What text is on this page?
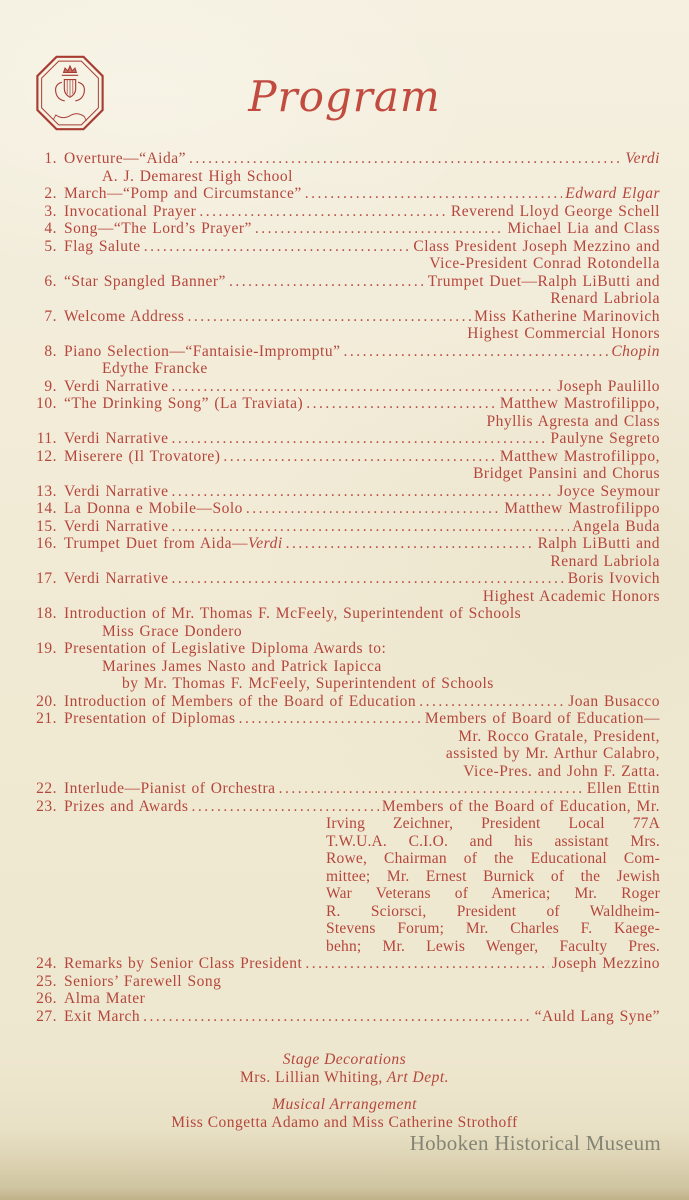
Program
1. Overture—“Aida” .....	Verdi
A. J. Demarest High School
2. March—“Pomp and Circumstance” .....	Edward Elgar
3. Invocational Prayer .....	Reverend Lloyd George Schell
4. Song—“The Lord’s Prayer” .....	Michael Lia and Class
5. Flag Salute .....	Class President Joseph Mezzino and
Vice-President Conrad Rotondella
6. “Star Spangled Banner” .....	Trumpet Duet—Ralph LiButti and
Renard Labriola
7. Welcome Address .....	Miss Katherine Marinovich
Highest Commercial Honors
8. Piano Selection—“Fantaisie-Impromptu” .....	Chopin
Edythe Francke
9. Verdi Narrative .....	Joseph Paulillo
10. “The Drinking Song” (La Traviata) .....	Matthew Mastrofilippo,
Phyllis Agresta and Class
11. Verdi Narrative .....	Paulyne Segreto
12. Miserere (Il Trovatore) .....	Matthew Mastrofilippo,
Bridget Pansini and Chorus
13. Verdi Narrative .....	Joyce Seymour
14. La Donna e Mobile—Solo .....	Matthew Mastrofilippo
15. Verdi Narrative .....	Angela Buda
16. Trumpet Duet from Aida—Verdi .....	Ralph LiButti and
Renard Labriola
17. Verdi Narrative .....	Boris Ivovich
Highest Academic Honors
18. Introduction of Mr. Thomas F. McFeely, Superintendent of Schools
Miss Grace Dondero
19. Presentation of Legislative Diploma Awards to:
Marines James Nasto and Patrick Iapicca
by Mr. Thomas F. McFeely, Superintendent of Schools
20. Introduction of Members of the Board of Education .....	Joan Busacco
21. Presentation of Diplomas .....	Members of Board of Education—
Mr. Rocco Gratale, President,
assisted by Mr. Arthur Calabro,
Vice-Pres. and John F. Zatta.
22. Interlude—Pianist of Orchestra .....	Ellen Ettin
23. Prizes and Awards .....	Members of the Board of Education, Mr.
Irving Zeichner, President Local 77A
T.W.U.A. C.I.O. and his assistant Mrs.
Rowe, Chairman of the Educational Com-
mittee; Mr. Ernest Burnick of the Jewish
War Veterans of America; Mr. Roger
R. Sciorsci, President of Waldheim-
Stevens Forum; Mr. Charles F. Kaege-
behn; Mr. Lewis Wenger, Faculty Pres.
24. Remarks by Senior Class President .....	Joseph Mezzino
25. Seniors’ Farewell Song
26. Alma Mater
27. Exit March .....	“Auld Lang Syne”
Stage Decorations
Mrs. Lillian Whiting, Art Dept.
Musical Arrangement
Miss Congetta Adamo and Miss Catherine Strothoff
Hoboken Historical Museum
